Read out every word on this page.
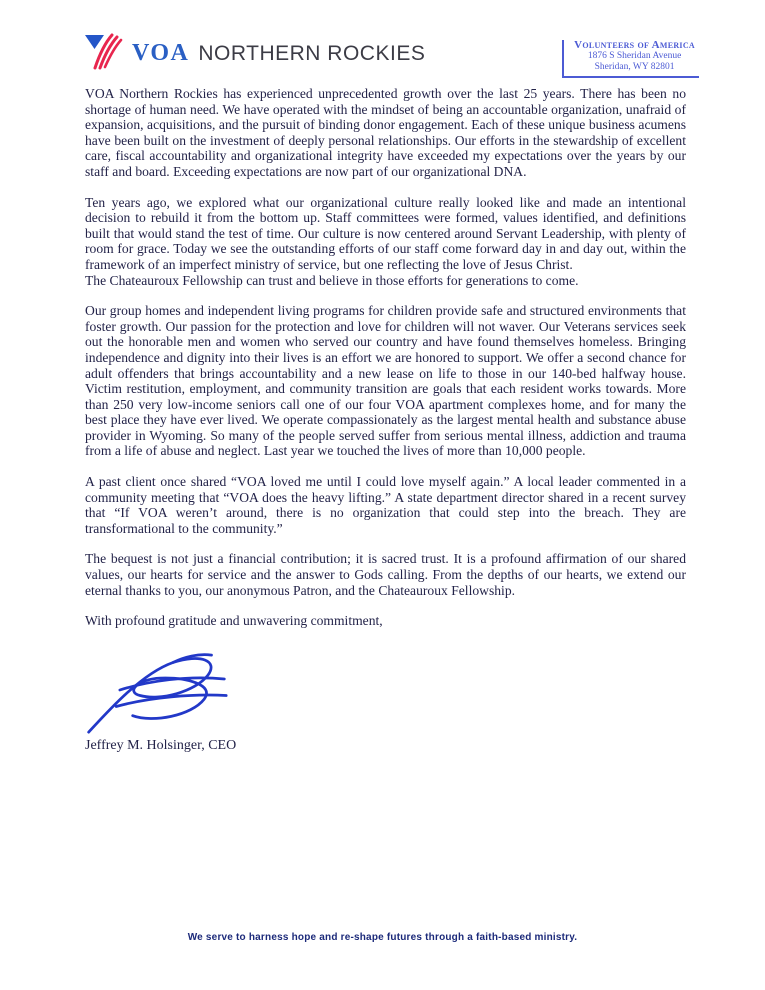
VOA NORTHERN ROCKIES	Volunteers of America
1876 S Sheridan Avenue
Sheridan, WY 82801

VOA Northern Rockies has experienced unprecedented growth over the last 25 years. There has been no shortage of human need. We have operated with the mindset of being an accountable organization, unafraid of expansion, acquisitions, and the pursuit of binding donor engagement. Each of these unique business acumens have been built on the investment of deeply personal relationships. Our efforts in the stewardship of excellent care, fiscal accountability and organizational integrity have exceeded my expectations over the years by our staff and board. Exceeding expectations are now part of our organizational DNA.

Ten years ago, we explored what our organizational culture really looked like and made an intentional decision to rebuild it from the bottom up. Staff committees were formed, values identified, and definitions built that would stand the test of time. Our culture is now centered around Servant Leadership, with plenty of room for grace. Today we see the outstanding efforts of our staff come forward day in and day out, within the framework of an imperfect ministry of service, but one reflecting the love of Jesus Christ.

The Chateauroux Fellowship can trust and believe in those efforts for generations to come.

Our group homes and independent living programs for children provide safe and structured environments that foster growth. Our passion for the protection and love for children will not waver. Our Veterans services seek out the honorable men and women who served our country and have found themselves homeless. Bringing independence and dignity into their lives is an effort we are honored to support. We offer a second chance for adult offenders that brings accountability and a new lease on life to those in our 140-bed halfway house. Victim restitution, employment, and community transition are goals that each resident works towards. More than 250 very low-income seniors call one of our four VOA apartment complexes home, and for many the best place they have ever lived. We operate compassionately as the largest mental health and substance abuse provider in Wyoming. So many of the people served suffer from serious mental illness, addiction and trauma from a life of abuse and neglect. Last year we touched the lives of more than 10,000 people.

A past client once shared “VOA loved me until I could love myself again.” A local leader commented in a community meeting that “VOA does the heavy lifting.” A state department director shared in a recent survey that “If VOA weren’t around, there is no organization that could step into the breach. They are transformational to the community.”

The bequest is not just a financial contribution; it is sacred trust. It is a profound affirmation of our shared values, our hearts for service and the answer to Gods calling. From the depths of our hearts, we extend our eternal thanks to you, our anonymous Patron, and the Chateauroux Fellowship.

With profound gratitude and unwavering commitment,

Jeffrey M. Holsinger, CEO
We serve to harness hope and re-shape futures through a faith-based ministry.
